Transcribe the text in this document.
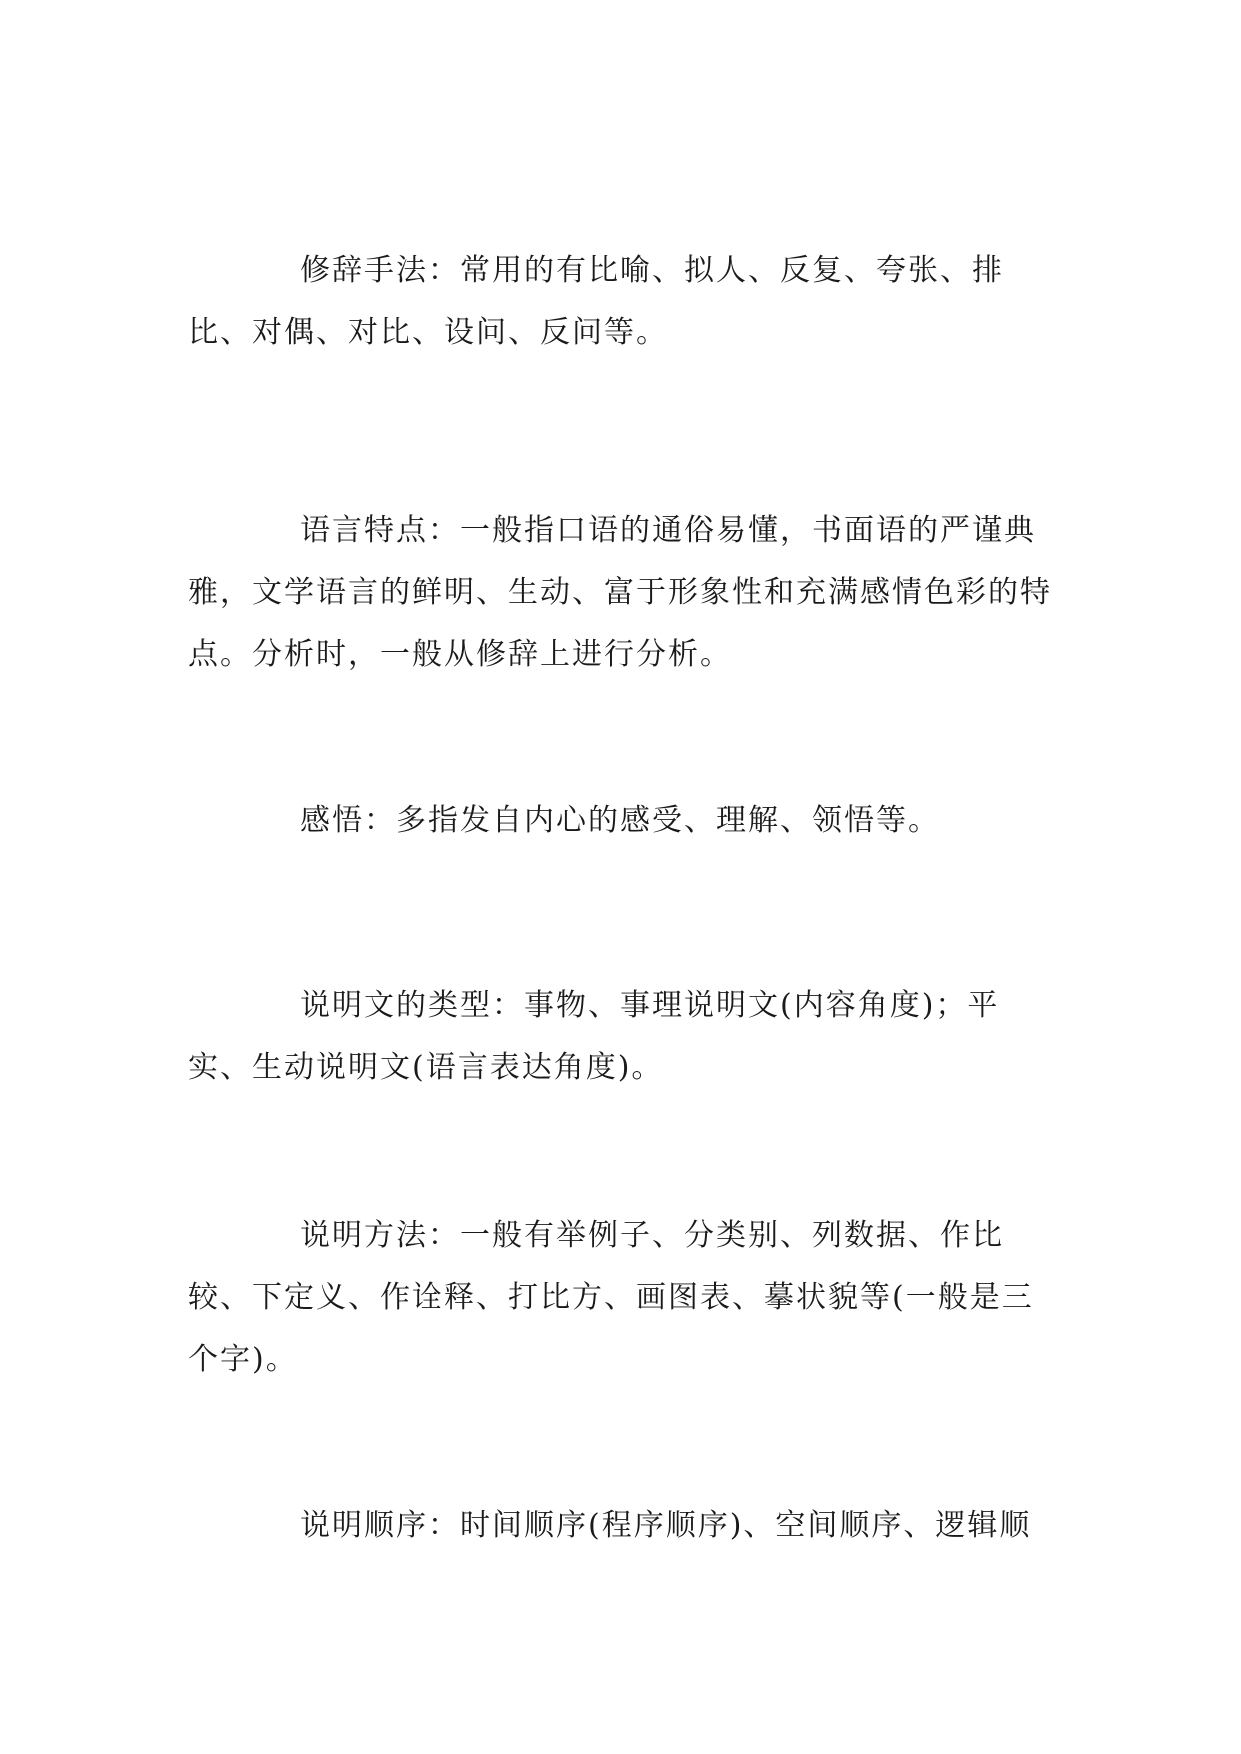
修辞手法：常用的有比喻、拟人、反复、夸张、排比、对偶、对比、设问、反问等。

语言特点：一般指口语的通俗易懂，书面语的严谨典雅，文学语言的鲜明、生动、富于形象性和充满感情色彩的特点。分析时，一般从修辞上进行分析。

感悟：多指发自内心的感受、理解、领悟等。

说明文的类型：事物、事理说明文(内容角度)；平实、生动说明文(语言表达角度)。

说明方法：一般有举例子、分类别、列数据、作比较、下定义、作诠释、打比方、画图表、摹状貌等(一般是三个字)。

说明顺序：时间顺序(程序顺序)、空间顺序、逻辑顺
